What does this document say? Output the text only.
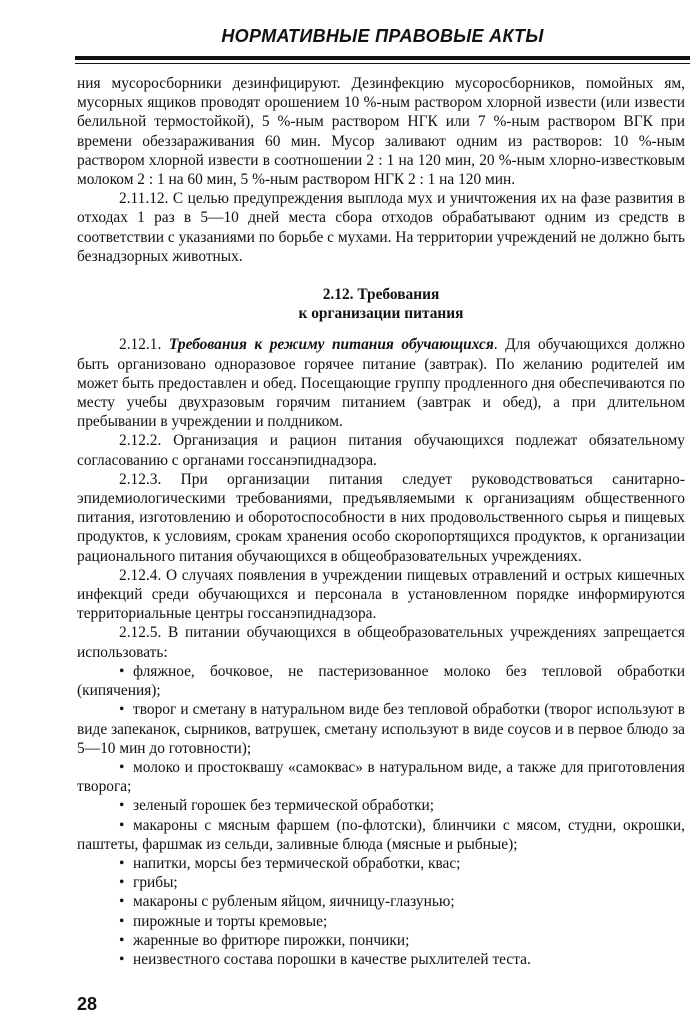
НОРМАТИВНЫЕ ПРАВОВЫЕ АКТЫ

ния мусоросборники дезинфицируют. Дезинфекцию мусоросборников, помойных ям, мусорных ящиков проводят орошением 10 %-ным раствором хлорной извести (или извести белильной термостойкой), 5 %-ным раствором НГК или 7 %-ным раствором ВГК при времени обеззараживания 60 мин. Мусор заливают одним из растворов: 10 %-ным раствором хлорной извести в соотношении 2 : 1 на 120 мин, 20 %-ным хлорно-известковым молоком 2 : 1 на 60 мин, 5 %-ным раствором НГК 2 : 1 на 120 мин.

2.11.12. С целью предупреждения выплода мух и уничтожения их на фазе развития в отходах 1 раз в 5—10 дней места сбора отходов обрабатывают одним из средств в соответствии с указаниями по борьбе с мухами. На территории учреждений не должно быть безнадзорных животных.

2.12. Требования
к организации питания

2.12.1. Требования к режиму питания обучающихся. Для обучающихся должно быть организовано одноразовое горячее питание (завтрак). По желанию родителей им может быть предоставлен и обед. Посещающие группу продленного дня обеспечиваются по месту учебы двухразовым горячим питанием (завтрак и обед), а при длительном пребывании в учреждении и полдником.

2.12.2. Организация и рацион питания обучающихся подлежат обязательному согласованию с органами госсанэпиднадзора.

2.12.3. При организации питания следует руководствоваться санитарно-эпидемиологическими требованиями, предъявляемыми к организациям общественного питания, изготовлению и оборотоспособности в них продовольственного сырья и пищевых продуктов, к условиям, срокам хранения особо скоропортящихся продуктов, к организации рационального питания обучающихся в общеобразовательных учреждениях.

2.12.4. О случаях появления в учреждении пищевых отравлений и острых кишечных инфекций среди обучающихся и персонала в установленном порядке информируются территориальные центры госсанэпиднадзора.

2.12.5. В питании обучающихся в общеобразовательных учреждениях запрещается использовать:

• фляжное, бочковое, не пастеризованное молоко без тепловой обработки (кипячения);

• творог и сметану в натуральном виде без тепловой обработки (творог используют в виде запеканок, сырников, ватрушек, сметану используют в виде соусов и в первое блюдо за 5—10 мин до готовности);

• молоко и простоквашу «самоквас» в натуральном виде, а также для приготовления творога;

• зеленый горошек без термической обработки;

• макароны с мясным фаршем (по-флотски), блинчики с мясом, студни, окрошки, паштеты, фаршмак из сельди, заливные блюда (мясные и рыбные);

• напитки, морсы без термической обработки, квас;

• грибы;

• макароны с рубленым яйцом, яичницу-глазунью;

• пирожные и торты кремовые;

• жаренные во фритюре пирожки, пончики;

• неизвестного состава порошки в качестве рыхлителей теста.

28
